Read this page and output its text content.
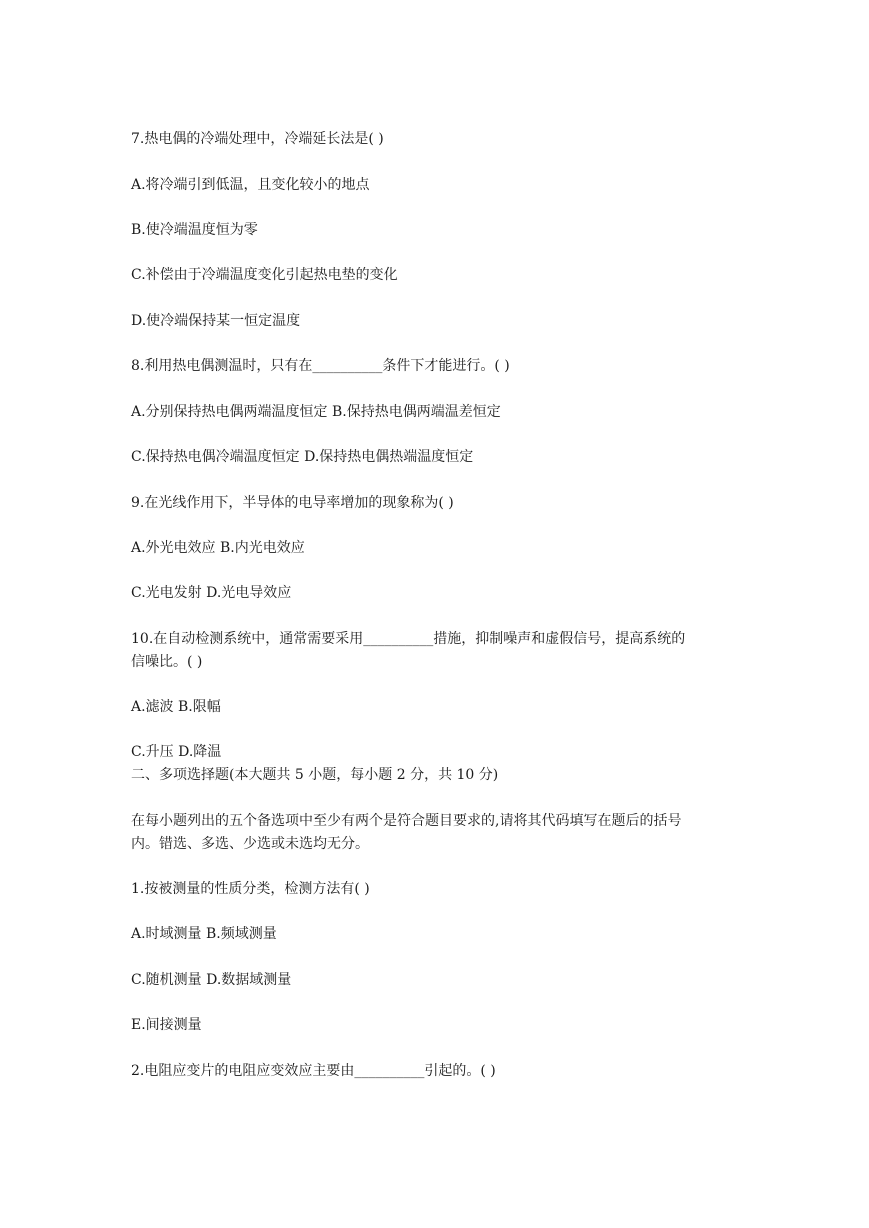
7.热电偶的冷端处理中，冷端延长法是( )
A.将冷端引到低温，且变化较小的地点
B.使冷端温度恒为零
C.补偿由于冷端温度变化引起热电垫的变化
D.使冷端保持某一恒定温度
8.利用热电偶测温时，只有在__________条件下才能进行。( )
A.分别保持热电偶两端温度恒定 B.保持热电偶两端温差恒定
C.保持热电偶冷端温度恒定 D.保持热电偶热端温度恒定
9.在光线作用下，半导体的电导率增加的现象称为( )
A.外光电效应 B.内光电效应
C.光电发射 D.光电导效应
10.在自动检测系统中，通常需要采用__________措施，抑制噪声和虚假信号，提高系统的
信噪比。( )
A.滤波 B.限幅
C.升压 D.降温
二、多项选择题(本大题共 5 小题，每小题 2 分，共 10 分)
在每小题列出的五个备选项中至少有两个是符合题目要求的,请将其代码填写在题后的括号
内。错选、多选、少选或未选均无分。
1.按被测量的性质分类，检测方法有( )
A.时域测量 B.频域测量
C.随机测量 D.数据域测量
E.间接测量
2.电阻应变片的电阻应变效应主要由__________引起的。( )
